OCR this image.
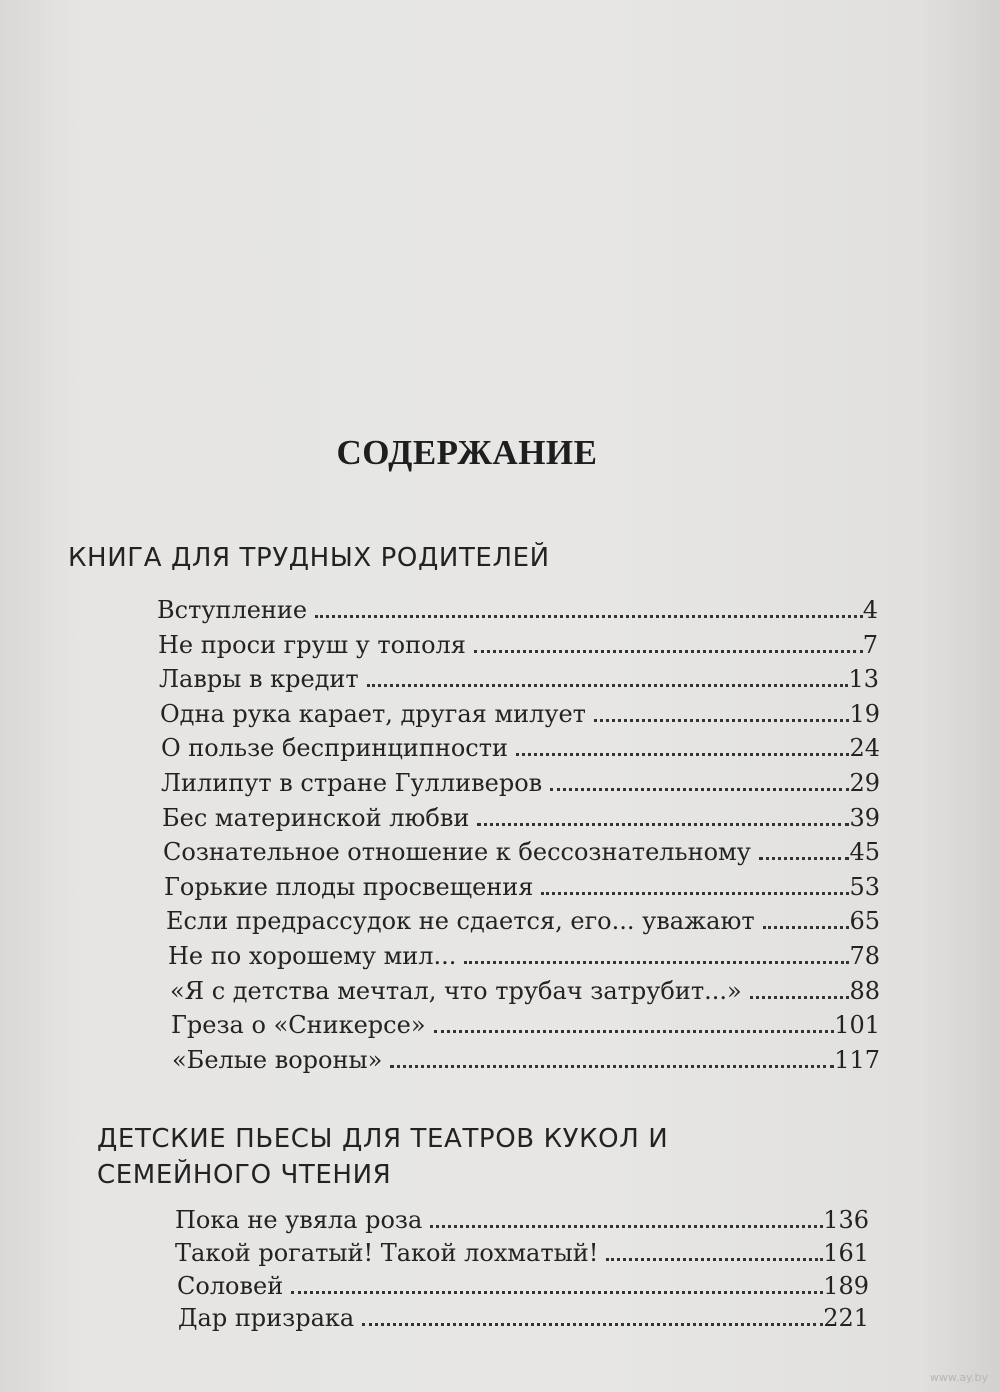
СОДЕРЖАНИЕ
КНИГА ДЛЯ ТРУДНЫХ РОДИТЕЛЕЙ
Вступление	4
Не проси груш у тополя	7
Лавры в кредит	13
Одна рука карает, другая милует	19
О пользе беспринципности	24
Лилипут в стране Гулливеров	29
Бес материнской любви	39
Сознательное отношение к бессознательному	45
Горькие плоды просвещения	53
Если предрассудок не сдается, его... уважают	65
Не по хорошему мил...	78
«Я с детства мечтал, что трубач затрубит...»	88
Греза о «Сникерсе»	101
«Белые вороны»	117
ДЕТСКИЕ ПЬЕСЫ ДЛЯ ТЕАТРОВ КУКОЛ И
СЕМЕЙНОГО ЧТЕНИЯ
Пока не увяла роза	136
Такой рогатый! Такой лохматый!	161
Соловей	189
Дар призрака	221
www.ay.by
